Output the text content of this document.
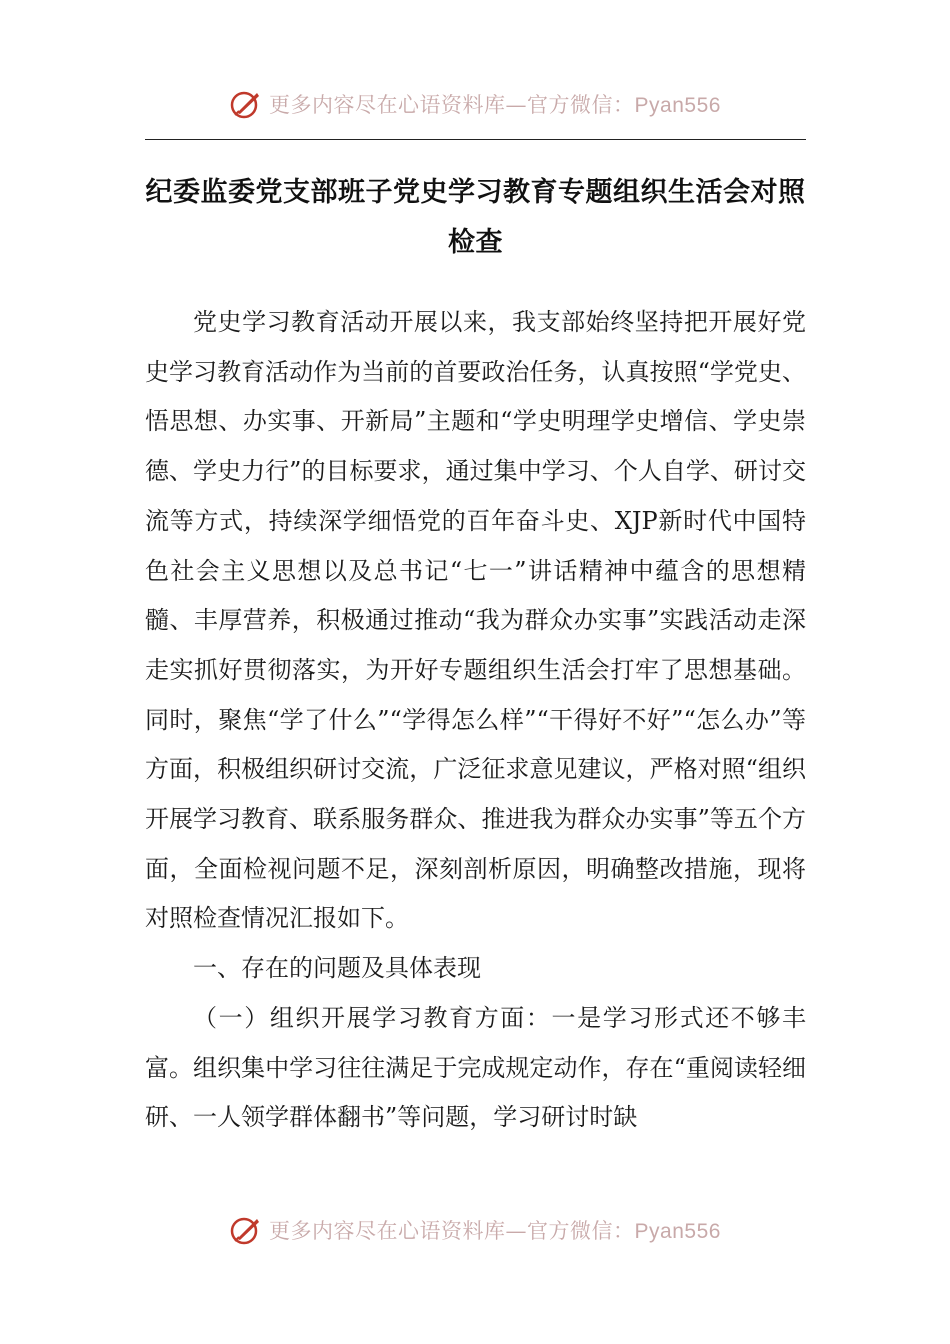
更多内容尽在心语资料库—官方微信：Pyan556
纪委监委党支部班子党史学习教育专题组织生活会对照检查

党史学习教育活动开展以来，我支部始终坚持把开展好党史学习教育活动作为当前的首要政治任务，认真按照“学党史、悟思想、办实事、开新局”主题和“学史明理学史增信、学史崇德、学史力行”的目标要求，通过集中学习、个人自学、研讨交流等方式，持续深学细悟党的百年奋斗史、XJP新时代中国特色社会主义思想以及总书记“七一”讲话精神中蕴含的思想精髓、丰厚营养，积极通过推动“我为群众办实事”实践活动走深走实抓好贯彻落实，为开好专题组织生活会打牢了思想基础。同时，聚焦“学了什么”“学得怎么样”“干得好不好”“怎么办”等方面，积极组织研讨交流，广泛征求意见建议，严格对照“组织开展学习教育、联系服务群众、推进我为群众办实事”等五个方面，全面检视问题不足，深刻剖析原因，明确整改措施，现将对照检查情况汇报如下。

一、存在的问题及具体表现

（一）组织开展学习教育方面：一是学习形式还不够丰富。组织集中学习往往满足于完成规定动作，存在“重阅读轻细研、一人领学群体翻书”等问题，学习研讨时缺

更多内容尽在心语资料库—官方微信：Pyan556
